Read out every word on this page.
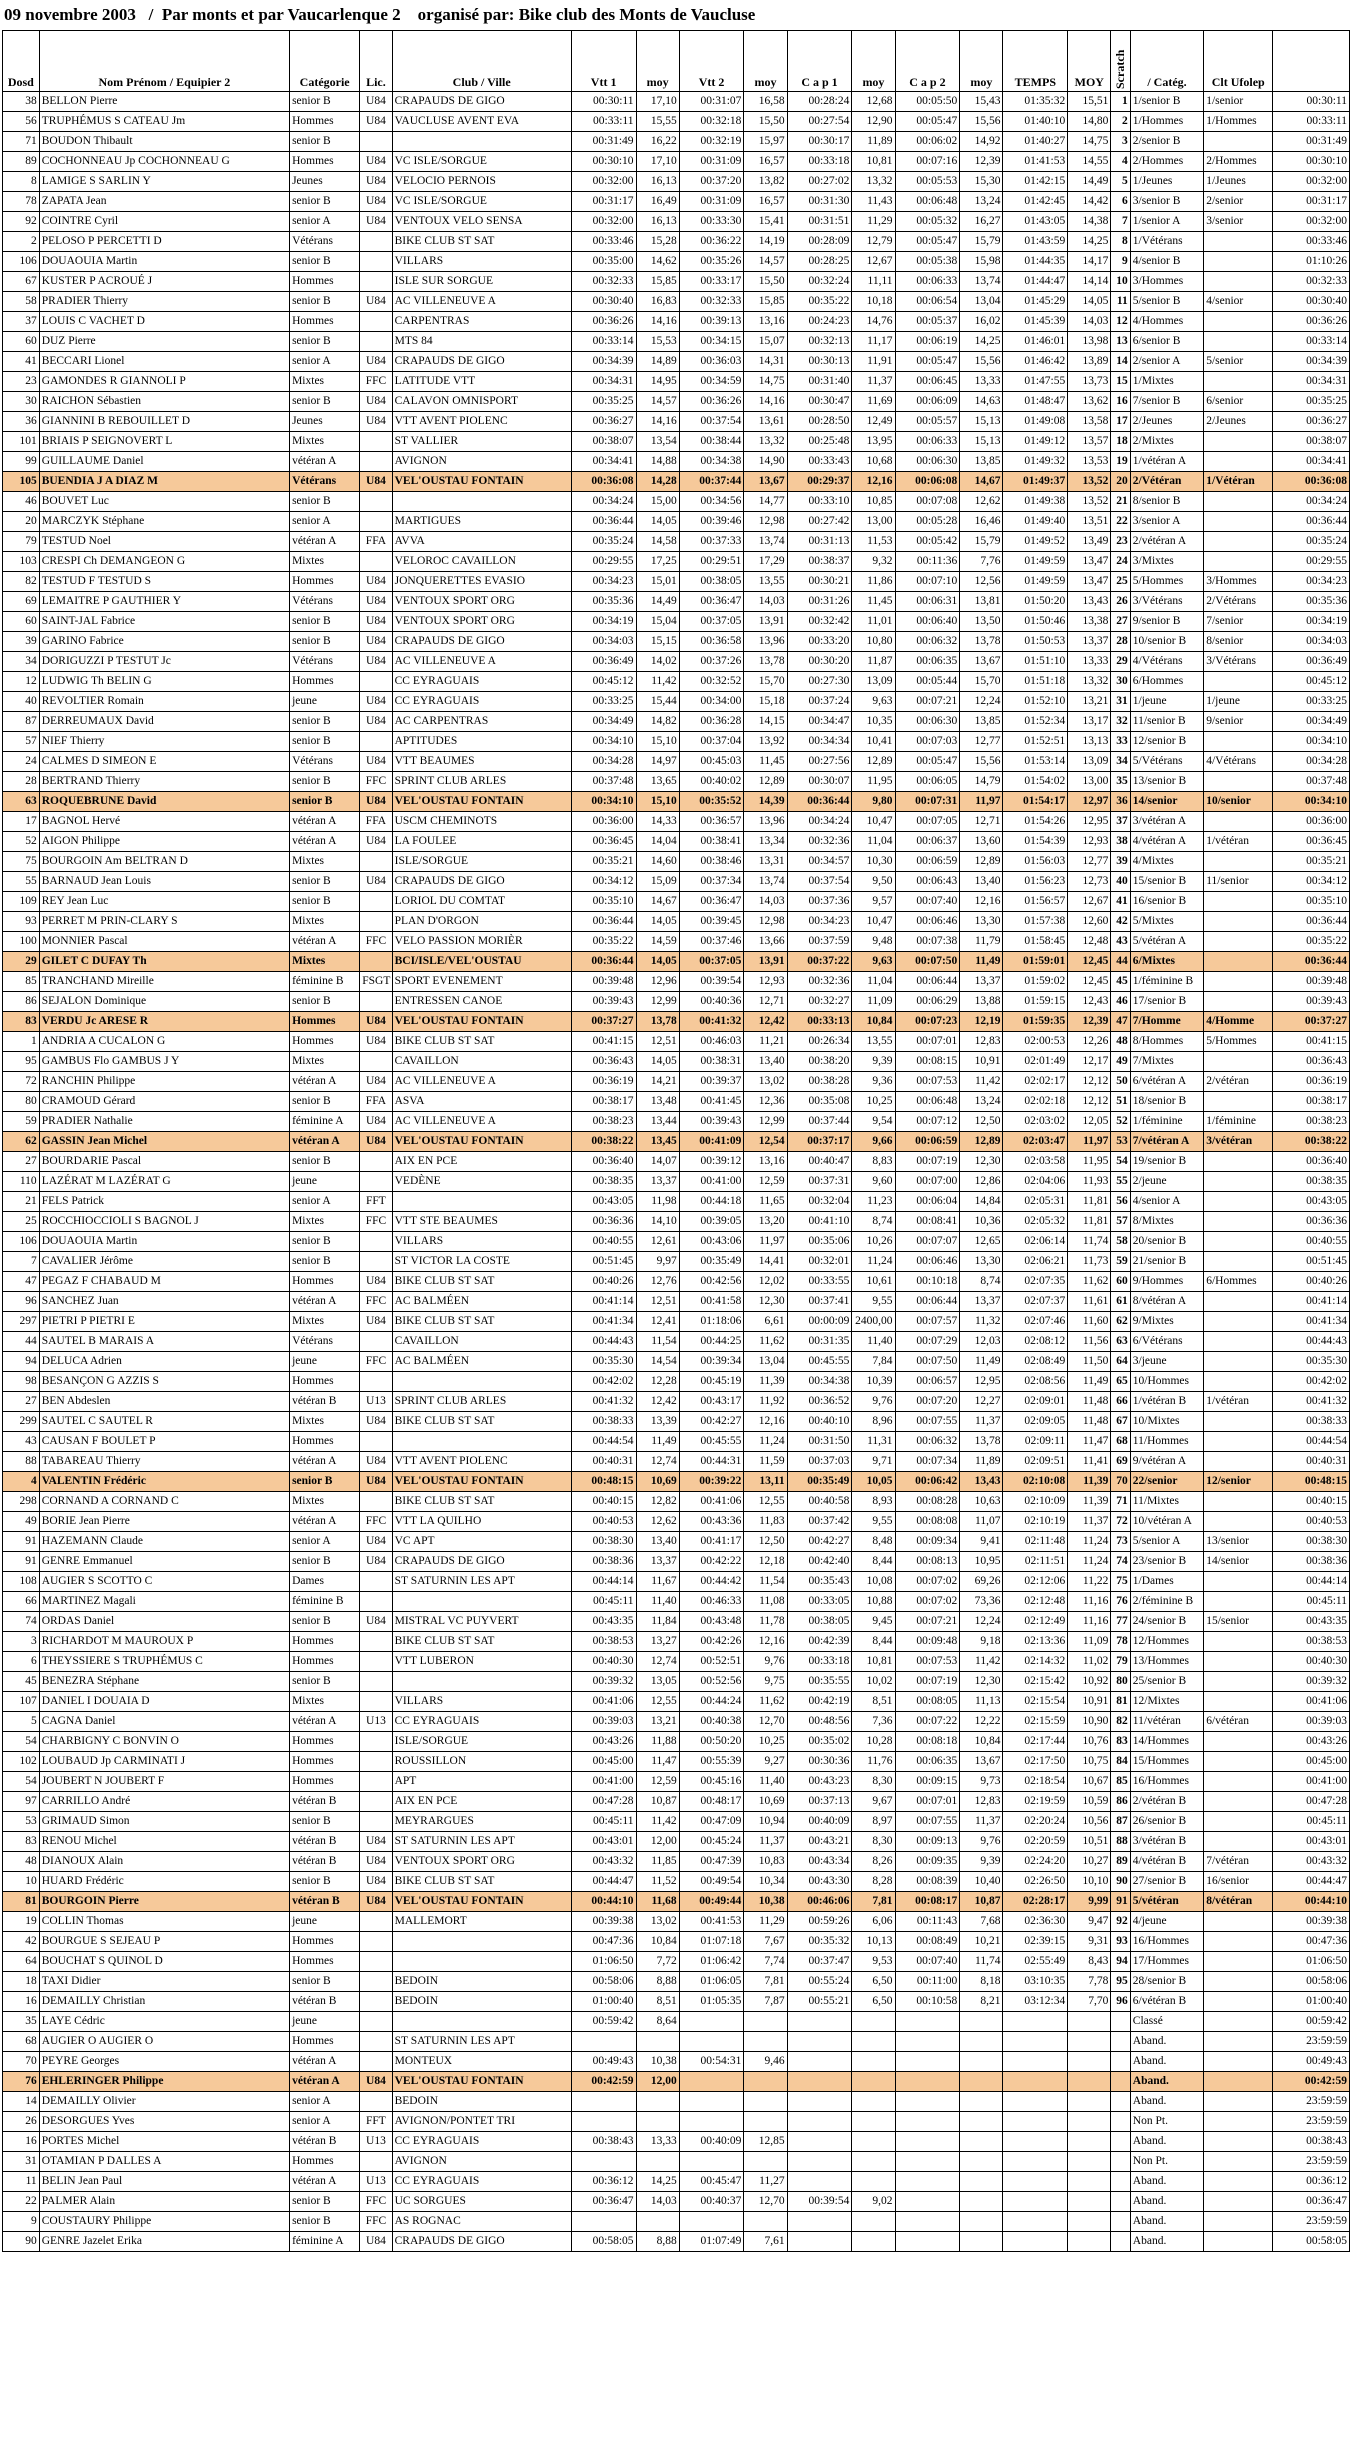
09 novembre 2003   /  Par monts et par Vaucarlenque 2    organisé par: Bike club des Monts de Vaucluse
Dosd	Nom Prénom / Equipier 2	Catégorie	Lic.	Club / Ville	Vtt 1	moy	Vtt 2	moy	C a p 1	moy	C a p 2	moy	TEMPS	MOY	Scratch	/ Catég.	Clt Ufolep	
38	BELLON Pierre	senior B	U84	CRAPAUDS DE GIGO	00:30:11	17,10	00:31:07	16,58	00:28:24	12,68	00:05:50	15,43	01:35:32	15,51	1	1/senior B	1/senior	00:30:11
56	TRUPHÉMUS S CATEAU Jm	Hommes	U84	VAUCLUSE AVENT EVA	00:33:11	15,55	00:32:18	15,50	00:27:54	12,90	00:05:47	15,56	01:40:10	14,80	2	1/Hommes	1/Hommes	00:33:11
71	BOUDON Thibault	senior B			00:31:49	16,22	00:32:19	15,97	00:30:17	11,89	00:06:02	14,92	01:40:27	14,75	3	2/senior B		00:31:49
89	COCHONNEAU Jp COCHONNEAU G	Hommes	U84	VC ISLE/SORGUE	00:30:10	17,10	00:31:09	16,57	00:33:18	10,81	00:07:16	12,39	01:41:53	14,55	4	2/Hommes	2/Hommes	00:30:10
8	LAMIGE S SARLIN Y	Jeunes	U84	VELOCIO PERNOIS	00:32:00	16,13	00:37:20	13,82	00:27:02	13,32	00:05:53	15,30	01:42:15	14,49	5	1/Jeunes	1/Jeunes	00:32:00
78	ZAPATA Jean	senior B	U84	VC ISLE/SORGUE	00:31:17	16,49	00:31:09	16,57	00:31:30	11,43	00:06:48	13,24	01:42:45	14,42	6	3/senior B	2/senior	00:31:17
92	COINTRE Cyril	senior A	U84	VENTOUX VELO SENSA	00:32:00	16,13	00:33:30	15,41	00:31:51	11,29	00:05:32	16,27	01:43:05	14,38	7	1/senior A	3/senior	00:32:00
2	PELOSO P PERCETTI D	Vétérans		BIKE CLUB ST SAT	00:33:46	15,28	00:36:22	14,19	00:28:09	12,79	00:05:47	15,79	01:43:59	14,25	8	1/Vétérans		00:33:46
106	DOUAOUIA Martin	senior B		VILLARS	00:35:00	14,62	00:35:26	14,57	00:28:25	12,67	00:05:38	15,98	01:44:35	14,17	9	4/senior B		01:10:26
67	KUSTER P ACROUÉ J	Hommes		ISLE SUR SORGUE	00:32:33	15,85	00:33:17	15,50	00:32:24	11,11	00:06:33	13,74	01:44:47	14,14	10	3/Hommes		00:32:33
58	PRADIER Thierry	senior B	U84	AC VILLENEUVE A	00:30:40	16,83	00:32:33	15,85	00:35:22	10,18	00:06:54	13,04	01:45:29	14,05	11	5/senior B	4/senior	00:30:40
37	LOUIS C VACHET D	Hommes		CARPENTRAS	00:36:26	14,16	00:39:13	13,16	00:24:23	14,76	00:05:37	16,02	01:45:39	14,03	12	4/Hommes		00:36:26
60	DUZ Pierre	senior B		MTS 84	00:33:14	15,53	00:34:15	15,07	00:32:13	11,17	00:06:19	14,25	01:46:01	13,98	13	6/senior B		00:33:14
41	BECCARI Lionel	senior A	U84	CRAPAUDS DE GIGO	00:34:39	14,89	00:36:03	14,31	00:30:13	11,91	00:05:47	15,56	01:46:42	13,89	14	2/senior A	5/senior	00:34:39
23	GAMONDES R GIANNOLI P	Mixtes	FFC	LATITUDE VTT	00:34:31	14,95	00:34:59	14,75	00:31:40	11,37	00:06:45	13,33	01:47:55	13,73	15	1/Mixtes		00:34:31
30	RAICHON Sébastien	senior B	U84	CALAVON OMNISPORT	00:35:25	14,57	00:36:26	14,16	00:30:47	11,69	00:06:09	14,63	01:48:47	13,62	16	7/senior B	6/senior	00:35:25
36	GIANNINI B REBOUILLET D	Jeunes	U84	VTT AVENT PIOLENC	00:36:27	14,16	00:37:54	13,61	00:28:50	12,49	00:05:57	15,13	01:49:08	13,58	17	2/Jeunes	2/Jeunes	00:36:27
101	BRIAIS P SEIGNOVERT L	Mixtes		ST VALLIER	00:38:07	13,54	00:38:44	13,32	00:25:48	13,95	00:06:33	15,13	01:49:12	13,57	18	2/Mixtes		00:38:07
99	GUILLAUME Daniel	vétéran A		AVIGNON	00:34:41	14,88	00:34:38	14,90	00:33:43	10,68	00:06:30	13,85	01:49:32	13,53	19	1/vétéran A		00:34:41
105	BUENDIA J A DIAZ M	Vétérans	U84	VEL'OUSTAU FONTAIN	00:36:08	14,28	00:37:44	13,67	00:29:37	12,16	00:06:08	14,67	01:49:37	13,52	20	2/Vétéran	1/Vétéran	00:36:08
46	BOUVET Luc	senior B			00:34:24	15,00	00:34:56	14,77	00:33:10	10,85	00:07:08	12,62	01:49:38	13,52	21	8/senior B		00:34:24
20	MARCZYK Stéphane	senior A		MARTIGUES	00:36:44	14,05	00:39:46	12,98	00:27:42	13,00	00:05:28	16,46	01:49:40	13,51	22	3/senior A		00:36:44
79	TESTUD Noel	vétéran A	FFA	AVVA	00:35:24	14,58	00:37:33	13,74	00:31:13	11,53	00:05:42	15,79	01:49:52	13,49	23	2/vétéran A		00:35:24
103	CRESPI Ch DEMANGEON G	Mixtes		VELOROC CAVAILLON	00:29:55	17,25	00:29:51	17,29	00:38:37	9,32	00:11:36	7,76	01:49:59	13,47	24	3/Mixtes		00:29:55
82	TESTUD F TESTUD S	Hommes	U84	JONQUERETTES EVASIO	00:34:23	15,01	00:38:05	13,55	00:30:21	11,86	00:07:10	12,56	01:49:59	13,47	25	5/Hommes	3/Hommes	00:34:23
69	LEMAITRE P GAUTHIER Y	Vétérans	U84	VENTOUX SPORT ORG	00:35:36	14,49	00:36:47	14,03	00:31:26	11,45	00:06:31	13,81	01:50:20	13,43	26	3/Vétérans	2/Vétérans	00:35:36
60	SAINT-JAL Fabrice	senior B	U84	VENTOUX SPORT ORG	00:34:19	15,04	00:37:05	13,91	00:32:42	11,01	00:06:40	13,50	01:50:46	13,38	27	9/senior B	7/senior	00:34:19
39	GARINO Fabrice	senior B	U84	CRAPAUDS DE GIGO	00:34:03	15,15	00:36:58	13,96	00:33:20	10,80	00:06:32	13,78	01:50:53	13,37	28	10/senior B	8/senior	00:34:03
34	DORIGUZZI P TESTUT Jc	Vétérans	U84	AC VILLENEUVE A	00:36:49	14,02	00:37:26	13,78	00:30:20	11,87	00:06:35	13,67	01:51:10	13,33	29	4/Vétérans	3/Vétérans	00:36:49
12	LUDWIG Th BELIN G	Hommes		CC EYRAGUAIS	00:45:12	11,42	00:32:52	15,70	00:27:30	13,09	00:05:44	15,70	01:51:18	13,32	30	6/Hommes		00:45:12
40	REVOLTIER Romain	jeune	U84	CC EYRAGUAIS	00:33:25	15,44	00:34:00	15,18	00:37:24	9,63	00:07:21	12,24	01:52:10	13,21	31	1/jeune	1/jeune	00:33:25
87	DERREUMAUX David	senior B	U84	AC CARPENTRAS	00:34:49	14,82	00:36:28	14,15	00:34:47	10,35	00:06:30	13,85	01:52:34	13,17	32	11/senior B	9/senior	00:34:49
57	NIEF Thierry	senior B		APTITUDES	00:34:10	15,10	00:37:04	13,92	00:34:34	10,41	00:07:03	12,77	01:52:51	13,13	33	12/senior B		00:34:10
24	CALMES D SIMEON E	Vétérans	U84	VTT BEAUMES	00:34:28	14,97	00:45:03	11,45	00:27:56	12,89	00:05:47	15,56	01:53:14	13,09	34	5/Vétérans	4/Vétérans	00:34:28
28	BERTRAND Thierry	senior B	FFC	SPRINT CLUB ARLES	00:37:48	13,65	00:40:02	12,89	00:30:07	11,95	00:06:05	14,79	01:54:02	13,00	35	13/senior B		00:37:48
63	ROQUEBRUNE David	senior B	U84	VEL'OUSTAU FONTAIN	00:34:10	15,10	00:35:52	14,39	00:36:44	9,80	00:07:31	11,97	01:54:17	12,97	36	14/senior	10/senior	00:34:10
17	BAGNOL Hervé	vétéran A	FFA	USCM CHEMINOTS	00:36:00	14,33	00:36:57	13,96	00:34:24	10,47	00:07:05	12,71	01:54:26	12,95	37	3/vétéran A		00:36:00
52	AIGON Philippe	vétéran A	U84	LA FOULEE	00:36:45	14,04	00:38:41	13,34	00:32:36	11,04	00:06:37	13,60	01:54:39	12,93	38	4/vétéran A	1/vétéran	00:36:45
75	BOURGOIN Am BELTRAN D	Mixtes		ISLE/SORGUE	00:35:21	14,60	00:38:46	13,31	00:34:57	10,30	00:06:59	12,89	01:56:03	12,77	39	4/Mixtes		00:35:21
55	BARNAUD Jean Louis	senior B	U84	CRAPAUDS DE GIGO	00:34:12	15,09	00:37:34	13,74	00:37:54	9,50	00:06:43	13,40	01:56:23	12,73	40	15/senior B	11/senior	00:34:12
109	REY Jean Luc	senior B		LORIOL DU COMTAT	00:35:10	14,67	00:36:47	14,03	00:37:36	9,57	00:07:40	12,16	01:56:57	12,67	41	16/senior B		00:35:10
93	PERRET M PRIN-CLARY S	Mixtes		PLAN D'ORGON	00:36:44	14,05	00:39:45	12,98	00:34:23	10,47	00:06:46	13,30	01:57:38	12,60	42	5/Mixtes		00:36:44
100	MONNIER Pascal	vétéran A	FFC	VELO PASSION MORIÈR	00:35:22	14,59	00:37:46	13,66	00:37:59	9,48	00:07:38	11,79	01:58:45	12,48	43	5/vétéran A		00:35:22
29	GILET C DUFAY Th	Mixtes		BCI/ISLE/VEL'OUSTAU	00:36:44	14,05	00:37:05	13,91	00:37:22	9,63	00:07:50	11,49	01:59:01	12,45	44	6/Mixtes		00:36:44
85	TRANCHAND Mireille	féminine B	FSGT	SPORT EVENEMENT	00:39:48	12,96	00:39:54	12,93	00:32:36	11,04	00:06:44	13,37	01:59:02	12,45	45	1/féminine B		00:39:48
86	SEJALON Dominique	senior B		ENTRESSEN CANOE	00:39:43	12,99	00:40:36	12,71	00:32:27	11,09	00:06:29	13,88	01:59:15	12,43	46	17/senior B		00:39:43
83	VERDU Jc ARESE R	Hommes	U84	VEL'OUSTAU FONTAIN	00:37:27	13,78	00:41:32	12,42	00:33:13	10,84	00:07:23	12,19	01:59:35	12,39	47	7/Homme	4/Homme	00:37:27
1	ANDRIA A CUCALON G	Hommes	U84	BIKE CLUB ST SAT	00:41:15	12,51	00:46:03	11,21	00:26:34	13,55	00:07:01	12,83	02:00:53	12,26	48	8/Hommes	5/Hommes	00:41:15
95	GAMBUS Flo GAMBUS J Y	Mixtes		CAVAILLON	00:36:43	14,05	00:38:31	13,40	00:38:20	9,39	00:08:15	10,91	02:01:49	12,17	49	7/Mixtes		00:36:43
72	RANCHIN Philippe	vétéran A	U84	AC VILLENEUVE A	00:36:19	14,21	00:39:37	13,02	00:38:28	9,36	00:07:53	11,42	02:02:17	12,12	50	6/vétéran A	2/vétéran	00:36:19
80	CRAMOUD Gérard	senior B	FFA	ASVA	00:38:17	13,48	00:41:45	12,36	00:35:08	10,25	00:06:48	13,24	02:02:18	12,12	51	18/senior B		00:38:17
59	PRADIER Nathalie	féminine A	U84	AC VILLENEUVE A	00:38:23	13,44	00:39:43	12,99	00:37:44	9,54	00:07:12	12,50	02:03:02	12,05	52	1/féminine	1/féminine	00:38:23
62	GASSIN Jean Michel	vétéran A	U84	VEL'OUSTAU FONTAIN	00:38:22	13,45	00:41:09	12,54	00:37:17	9,66	00:06:59	12,89	02:03:47	11,97	53	7/vétéran A	3/vétéran	00:38:22
27	BOURDARIE Pascal	senior B		AIX EN PCE	00:36:40	14,07	00:39:12	13,16	00:40:47	8,83	00:07:19	12,30	02:03:58	11,95	54	19/senior B		00:36:40
110	LAZÉRAT M LAZÉRAT G	jeune		VEDÈNE	00:38:35	13,37	00:41:00	12,59	00:37:31	9,60	00:07:00	12,86	02:04:06	11,93	55	2/jeune		00:38:35
21	FELS Patrick	senior A	FFT		00:43:05	11,98	00:44:18	11,65	00:32:04	11,23	00:06:04	14,84	02:05:31	11,81	56	4/senior A		00:43:05
25	ROCCHIOCCIOLI S BAGNOL J	Mixtes	FFC	VTT STE BEAUMES	00:36:36	14,10	00:39:05	13,20	00:41:10	8,74	00:08:41	10,36	02:05:32	11,81	57	8/Mixtes		00:36:36
106	DOUAOUIA Martin	senior B		VILLARS	00:40:55	12,61	00:43:06	11,97	00:35:06	10,26	00:07:07	12,65	02:06:14	11,74	58	20/senior B		00:40:55
7	CAVALIER Jérôme	senior B		ST VICTOR LA COSTE	00:51:45	9,97	00:35:49	14,41	00:32:01	11,24	00:06:46	13,30	02:06:21	11,73	59	21/senior B		00:51:45
47	PEGAZ F CHABAUD M	Hommes	U84	BIKE CLUB ST SAT	00:40:26	12,76	00:42:56	12,02	00:33:55	10,61	00:10:18	8,74	02:07:35	11,62	60	9/Hommes	6/Hommes	00:40:26
96	SANCHEZ Juan	vétéran A	FFC	AC BALMÉEN	00:41:14	12,51	00:41:58	12,30	00:37:41	9,55	00:06:44	13,37	02:07:37	11,61	61	8/vétéran A		00:41:14
297	PIETRI P PIETRI E	Mixtes	U84	BIKE CLUB ST SAT	00:41:34	12,41	01:18:06	6,61	00:00:09	2400,00	00:07:57	11,32	02:07:46	11,60	62	9/Mixtes		00:41:34
44	SAUTEL B MARAIS A	Vétérans		CAVAILLON	00:44:43	11,54	00:44:25	11,62	00:31:35	11,40	00:07:29	12,03	02:08:12	11,56	63	6/Vétérans		00:44:43
94	DELUCA Adrien	jeune	FFC	AC BALMÉEN	00:35:30	14,54	00:39:34	13,04	00:45:55	7,84	00:07:50	11,49	02:08:49	11,50	64	3/jeune		00:35:30
98	BESANÇON G AZZIS S	Hommes			00:42:02	12,28	00:45:19	11,39	00:34:38	10,39	00:06:57	12,95	02:08:56	11,49	65	10/Hommes		00:42:02
27	BEN Abdeslen	vétéran B	U13	SPRINT CLUB ARLES	00:41:32	12,42	00:43:17	11,92	00:36:52	9,76	00:07:20	12,27	02:09:01	11,48	66	1/vétéran B	1/vétéran	00:41:32
299	SAUTEL C SAUTEL R	Mixtes	U84	BIKE CLUB ST SAT	00:38:33	13,39	00:42:27	12,16	00:40:10	8,96	00:07:55	11,37	02:09:05	11,48	67	10/Mixtes		00:38:33
43	CAUSAN F BOULET P	Hommes			00:44:54	11,49	00:45:55	11,24	00:31:50	11,31	00:06:32	13,78	02:09:11	11,47	68	11/Hommes		00:44:54
88	TABAREAU Thierry	vétéran A	U84	VTT AVENT PIOLENC	00:40:31	12,74	00:44:31	11,59	00:37:03	9,71	00:07:34	11,89	02:09:51	11,41	69	9/vétéran A		00:40:31
4	VALENTIN Frédéric	senior B	U84	VEL'OUSTAU FONTAIN	00:48:15	10,69	00:39:22	13,11	00:35:49	10,05	00:06:42	13,43	02:10:08	11,39	70	22/senior	12/senior	00:48:15
298	CORNAND A CORNAND C	Mixtes		BIKE CLUB ST SAT	00:40:15	12,82	00:41:06	12,55	00:40:58	8,93	00:08:28	10,63	02:10:09	11,39	71	11/Mixtes		00:40:15
49	BORIE Jean Pierre	vétéran A	FFC	VTT LA QUILHO	00:40:53	12,62	00:43:36	11,83	00:37:42	9,55	00:08:08	11,07	02:10:19	11,37	72	10/vétéran A		00:40:53
91	HAZEMANN Claude	senior A	U84	VC APT	00:38:30	13,40	00:41:17	12,50	00:42:27	8,48	00:09:34	9,41	02:11:48	11,24	73	5/senior A	13/senior	00:38:30
91	GENRE Emmanuel	senior B	U84	CRAPAUDS DE GIGO	00:38:36	13,37	00:42:22	12,18	00:42:40	8,44	00:08:13	10,95	02:11:51	11,24	74	23/senior B	14/senior	00:38:36
108	AUGIER S SCOTTO C	Dames		ST SATURNIN LES APT	00:44:14	11,67	00:44:42	11,54	00:35:43	10,08	00:07:02	69,26	02:12:06	11,22	75	1/Dames		00:44:14
66	MARTINEZ Magali	féminine B			00:45:11	11,40	00:46:33	11,08	00:33:05	10,88	00:07:02	73,36	02:12:48	11,16	76	2/féminine B		00:45:11
74	ORDAS Daniel	senior B	U84	MISTRAL VC PUYVERT	00:43:35	11,84	00:43:48	11,78	00:38:05	9,45	00:07:21	12,24	02:12:49	11,16	77	24/senior B	15/senior	00:43:35
3	RICHARDOT M MAUROUX P	Hommes		BIKE CLUB ST SAT	00:38:53	13,27	00:42:26	12,16	00:42:39	8,44	00:09:48	9,18	02:13:36	11,09	78	12/Hommes		00:38:53
6	THEYSSIERE S TRUPHÉMUS C	Hommes		VTT LUBERON	00:40:30	12,74	00:52:51	9,76	00:33:18	10,81	00:07:53	11,42	02:14:32	11,02	79	13/Hommes		00:40:30
45	BENEZRA Stéphane	senior B			00:39:32	13,05	00:52:56	9,75	00:35:55	10,02	00:07:19	12,30	02:15:42	10,92	80	25/senior B		00:39:32
107	DANIEL I DOUAIA D	Mixtes		VILLARS	00:41:06	12,55	00:44:24	11,62	00:42:19	8,51	00:08:05	11,13	02:15:54	10,91	81	12/Mixtes		00:41:06
5	CAGNA Daniel	vétéran A	U13	CC EYRAGUAIS	00:39:03	13,21	00:40:38	12,70	00:48:56	7,36	00:07:22	12,22	02:15:59	10,90	82	11/vétéran	6/vétéran	00:39:03
54	CHARBIGNY C BONVIN O	Hommes		ISLE/SORGUE	00:43:26	11,88	00:50:20	10,25	00:35:02	10,28	00:08:18	10,84	02:17:44	10,76	83	14/Hommes		00:43:26
102	LOUBAUD Jp CARMINATI J	Hommes		ROUSSILLON	00:45:00	11,47	00:55:39	9,27	00:30:36	11,76	00:06:35	13,67	02:17:50	10,75	84	15/Hommes		00:45:00
54	JOUBERT N JOUBERT F	Hommes		APT	00:41:00	12,59	00:45:16	11,40	00:43:23	8,30	00:09:15	9,73	02:18:54	10,67	85	16/Hommes		00:41:00
97	CARRILLO André	vétéran B		AIX EN PCE	00:47:28	10,87	00:48:17	10,69	00:37:13	9,67	00:07:01	12,83	02:19:59	10,59	86	2/vétéran B		00:47:28
53	GRIMAUD Simon	senior B		MEYRARGUES	00:45:11	11,42	00:47:09	10,94	00:40:09	8,97	00:07:55	11,37	02:20:24	10,56	87	26/senior B		00:45:11
83	RENOU Michel	vétéran B	U84	ST SATURNIN LES APT	00:43:01	12,00	00:45:24	11,37	00:43:21	8,30	00:09:13	9,76	02:20:59	10,51	88	3/vétéran B		00:43:01
48	DIANOUX Alain	vétéran B	U84	VENTOUX SPORT ORG	00:43:32	11,85	00:47:39	10,83	00:43:34	8,26	00:09:35	9,39	02:24:20	10,27	89	4/vétéran B	7/vétéran	00:43:32
10	HUARD Frédéric	senior B	U84	BIKE CLUB ST SAT	00:44:47	11,52	00:49:54	10,34	00:43:30	8,28	00:08:39	10,40	02:26:50	10,10	90	27/senior B	16/senior	00:44:47
81	BOURGOIN Pierre	vétéran B	U84	VEL'OUSTAU FONTAIN	00:44:10	11,68	00:49:44	10,38	00:46:06	7,81	00:08:17	10,87	02:28:17	9,99	91	5/vétéran	8/vétéran	00:44:10
19	COLLIN Thomas	jeune		MALLEMORT	00:39:38	13,02	00:41:53	11,29	00:59:26	6,06	00:11:43	7,68	02:36:30	9,47	92	4/jeune		00:39:38
42	BOURGUE S SEJEAU P	Hommes			00:47:36	10,84	01:07:18	7,67	00:35:32	10,13	00:08:49	10,21	02:39:15	9,31	93	16/Hommes		00:47:36
64	BOUCHAT S QUINOL D	Hommes			01:06:50	7,72	01:06:42	7,74	00:37:47	9,53	00:07:40	11,74	02:55:49	8,43	94	17/Hommes		01:06:50
18	TAXI Didier	senior B		BEDOIN	00:58:06	8,88	01:06:05	7,81	00:55:24	6,50	00:11:00	8,18	03:10:35	7,78	95	28/senior B		00:58:06
16	DEMAILLY Christian	vétéran B		BEDOIN	01:00:40	8,51	01:05:35	7,87	00:55:21	6,50	00:10:58	8,21	03:12:34	7,70	96	6/vétéran B		01:00:40
35	LAYE Cédric	jeune			00:59:42	8,64										Classé		00:59:42
68	AUGIER O AUGIER O	Hommes		ST SATURNIN LES APT												Aband.		23:59:59
70	PEYRE Georges	vétéran A		MONTEUX	00:49:43	10,38	00:54:31	9,46								Aband.		00:49:43
76	EHLERINGER Philippe	vétéran A	U84	VEL'OUSTAU FONTAIN	00:42:59	12,00										Aband.		00:42:59
14	DEMAILLY Olivier	senior A		BEDOIN												Aband.		23:59:59
26	DESORGUES Yves	senior A	FFT	AVIGNON/PONTET TRI												Non Pt.		23:59:59
16	PORTES Michel	vétéran B	U13	CC EYRAGUAIS	00:38:43	13,33	00:40:09	12,85								Aband.		00:38:43
31	OTAMIAN P DALLES A	Hommes		AVIGNON												Non Pt.		23:59:59
11	BELIN Jean Paul	vétéran A	U13	CC EYRAGUAIS	00:36:12	14,25	00:45:47	11,27								Aband.		00:36:12
22	PALMER Alain	senior B	FFC	UC SORGUES	00:36:47	14,03	00:40:37	12,70	00:39:54	9,02						Aband.		00:36:47
9	COUSTAURY Philippe	senior B	FFC	AS ROGNAC												Aband.		23:59:59
90	GENRE Jazelet Erika	féminine A	U84	CRAPAUDS DE GIGO	00:58:05	8,88	01:07:49	7,61								Aband.		00:58:05
